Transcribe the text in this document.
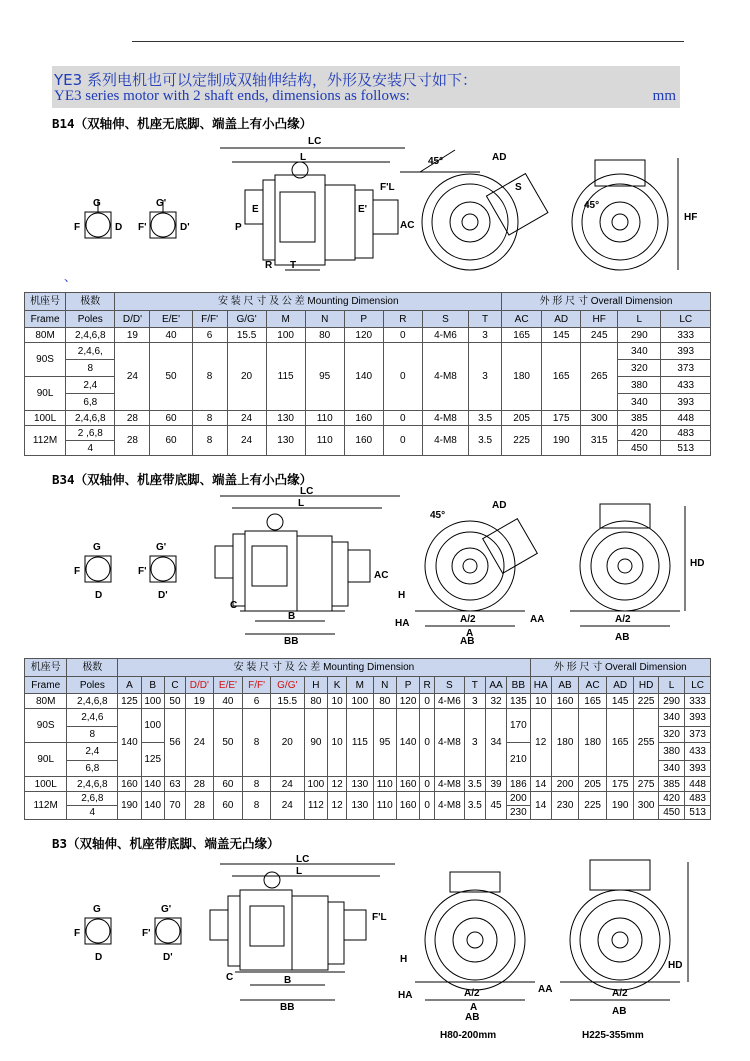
YE3 系列电机也可以定制成双轴伸结构，外形及安装尺寸如下：
YE3 series motor with 2 shaft ends, dimensions as follows:	mm
B14（双轴伸、机座无底脚、端盖上有小凸缘）
G	G'
F	F'
D	D'
LC
L
E
P
E'
AC
F'L
T
R
45°	AD
S
45°
HF
、
机座号	极数	安 装 尺 寸 及 公 差 Mounting Dimension										外 形 尺 寸 Overall Dimension				
Frame	Poles	D/D'	E/E'	F/F'	G/G'	M	N	P	R	S	T	AC	AD	HF	L	LC
80M	2,4,6,8	19	40	6	15.5	100	80	120	0	4-M6	3	165	145	245	290	333
90S	2,4,6,	24	50	8	20	115	95	140	0	4-M8	3	180	165	265	340	393
	8														320	373
90L	2,4														380	433
	6,8														340	393
100L	2,4,6,8	28	60	8	24	130	110	160	0	4-M8	3.5	205	175	300	385	448
112M	2 ,6,8	28	60	8	24	130	110	160	0	4-M8	3.5	225	190	315	420	483
	4														450	513
B34（双轴伸、机座带底脚、端盖上有小凸缘）
G	G'
F	F'
D	D'
LC
L
C
B
BB
AC
45°
AD
H
HA	A/2
A
AB
AA	A/2
AB
HD
机座号	极数	安 装 尺 寸 及 公 差 Mounting Dimension																	外 形 尺 寸 Overall Dimension						
Frame	Poles	A	B	C	D/D'	E/E'	F/F'	G/G'	H	K	M	N	P	R	S	T	AA	BB	HA	AB	AC	AD	HD	L	LC
80M	2,4,6,8	125	100	50	19	40	6	15.5	80	10	100	80	120	0	4-M6	3	32	135	10	160	165	145	225	290	333
90S	2,4,6	140	100	56	24	50	8	20	90	10	115	95	140	0	4-M8	3	34	170	12	180	180	165	255	340	393
	8																							320	373
90L	2,4		125															210						380	433
	6,8																							340	393
100L	2,4,6,8	160	140	63	28	60	8	24	100	12	130	110	160	0	4-M8	3.5	39	186	14	200	205	175	275	385	448
112M	2,6,8	190	140	70	28	60	8	24	112	12	130	110	160	0	4-M8	3.5	45	200	14	230	225	190	300	420	483
	4																	230						450	513
B3（双轴伸、机座带底脚、端盖无凸缘）
G	G'
F	F'
D	D'
LC
L
C	B
BB
F'L
H
HA	A/2
A
AB
AA	A/2
AB
HD
H80-200mm	H225-355mm
